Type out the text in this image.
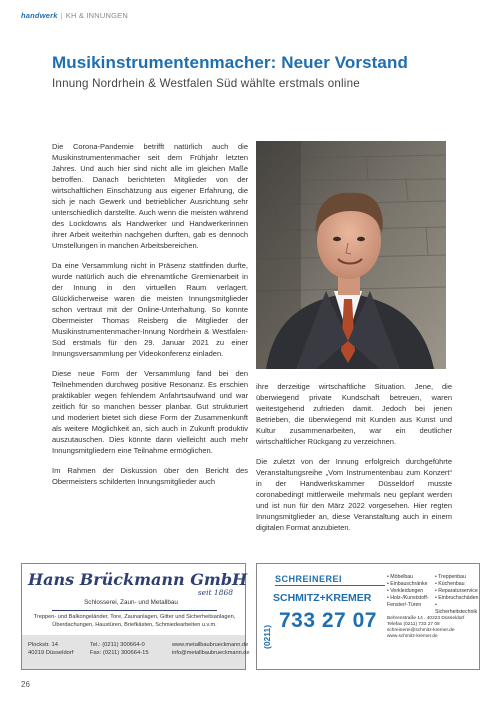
handwerk | KH & INNUNGEN
Musikinstrumentenmacher: Neuer Vorstand
Innung Nordrhein & Westfalen Süd wählte erstmals online

Die Corona-Pandemie betrifft natürlich auch die Musikinstrumentenmacher seit dem Frühjahr letzten Jahres. Und auch hier sind nicht alle im gleichen Maße betroffen. Danach berichteten Mitglieder von der wirtschaftlichen Einschätzung aus eigener Erfahrung, die sich je nach Gewerk und betrieblicher Ausrichtung sehr unterschiedlich darstellte. Auch wenn die meisten während des Lockdowns als Handwerker und Handwerkerinnen ihrer Arbeit weiterhin nachgehen durften, gab es dennoch Umstellungen in manchen Arbeitsbereichen.

Da eine Versammlung nicht in Präsenz stattfinden durfte, wurde natürlich auch die ehrenamtliche Gremienarbeit in der Innung in den virtuellen Raum verlagert. Glücklicherweise waren die meisten Innungsmitglieder schon vertraut mit der Online-Unterhaltung. So konnte Obermeister Thomas Reisberg die Mitglieder der Musikinstrumentenmacher-Innung Nordrhein & Westfalen-Süd erstmals für den 29. Januar 2021 zu einer Innungsversammlung per Videokonferenz einladen.

Diese neue Form der Versammlung fand bei den Teilnehmenden durchweg positive Resonanz. Es erschien praktikabler wegen fehlendem Anfahrtsaufwand und war zeitlich für so manchen besser planbar. Gut strukturiert und moderiert bietet sich diese Form der Zusammenkunft als weitere Möglichkeit an, sich auch in Zukunft produktiv auszutauschen. Dies könnte dann vielleicht auch mehr Innungsmitgliedern eine Teilnahme ermöglichen.

Im Rahmen der Diskussion über den Bericht des Obermeisters schilderten Innungsmitglieder auch

ihre derzeitige wirtschaftliche Situation. Jene, die überwiegend private Kundschaft betreuen, waren weitestgehend zufrieden damit. Jedoch bei jenen Betrieben, die überwiegend mit Kunden aus Kunst und Kultur zusammenarbeiten, war ein deutlicher wirtschaftlicher Rückgang zu verzeichnen.

Die zuletzt von der Innung erfolgreich durchgeführte Veranstaltungsreihe „Vom Instrumentenbau zum Konzert“ in der Handwerkskammer Düsseldorf musste coronabedingt mittlerweile mehrmals neu geplant werden und ist nun für den März 2022 vorgesehen. Hier regten Innungsmitglieder an, diese Veranstaltung auch in einem digitalen Format anzubieten.

Hans Brückmann GmbH
seit 1868
Schlosserei, Zaun- und Metallbau
Treppen- und Balkongeländer, Tore, Zaunanlagen, Gitter und Sicherheitsanlagen, Überdachungen, Haustüren, Briefkästen, Schmiedearbeiten u.v.m.
Plockstr. 14
40219 Düsseldorf
Tel.: (0211) 300664-0
Fax: (0211) 300664-15
www.metallbaubrueckmann.de
info@metallbaubrueckmann.de
(0211)
SCHREINEREI
SCHMITZ+KREMER
733 27 07
• Möbelbau
• Einbauschränke
• Verkleidungen
• Holz-/Kunststoff-
Fenster/-Türen
• Treppenbau
• Küchenbau
• Reparaturservice
• Einbruchschäden
• Sicherheitstechnik
Behrenstraße 14 . 40223 Düsseldorf
Telefax (0211) 733 27 08
schreinerei@schmitz-kremer.de
www.schmitz-kremer.de
26
